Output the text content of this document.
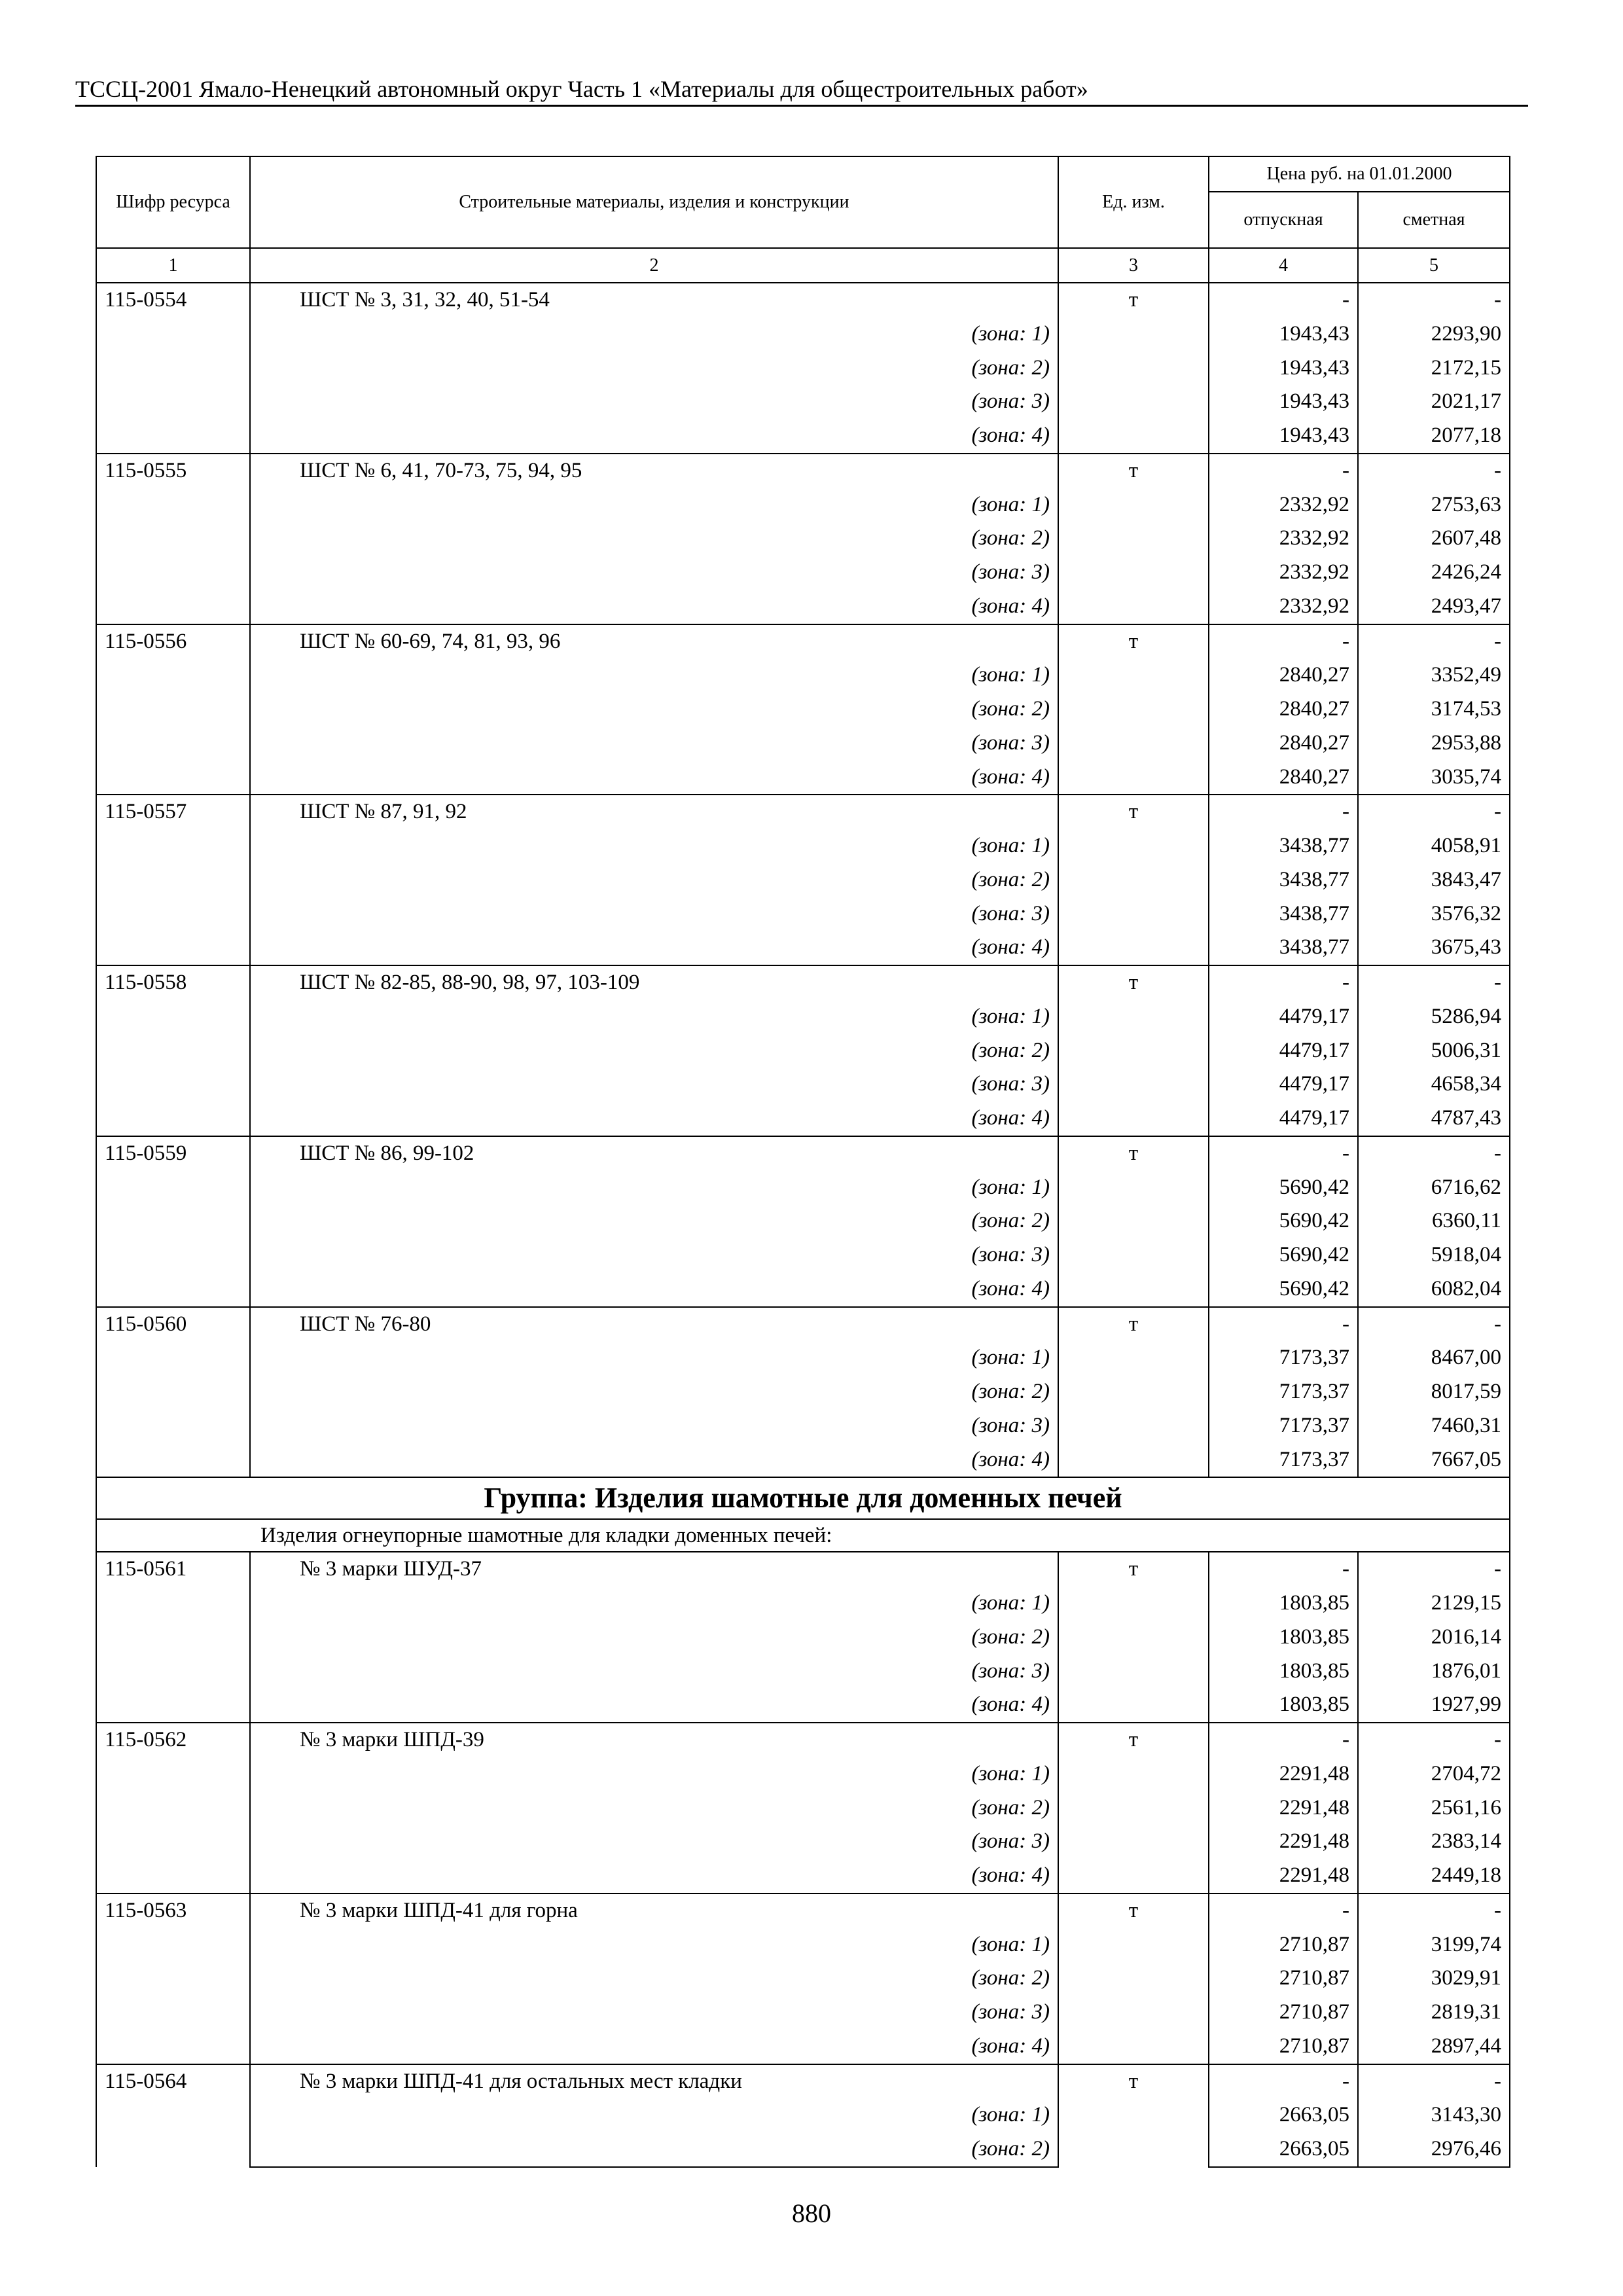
ТССЦ-2001 Ямало-Ненецкий автономный округ Часть 1 «Материалы для общестроительных работ»
Шифр ресурса	Строительные материалы, изделия и конструкции	Ед. изм.	Цена руб. на 01.01.2000	
			отпускная	сметная
1	2	3	4	5
115-0554	ШСТ № 3, 31, 32, 40, 51-54	т	-	-
	(зона: 1)		1943,43	2293,90
	(зона: 2)		1943,43	2172,15
	(зона: 3)		1943,43	2021,17
	(зона: 4)		1943,43	2077,18
115-0555	ШСТ № 6, 41, 70-73, 75, 94, 95	т	-	-
	(зона: 1)		2332,92	2753,63
	(зона: 2)		2332,92	2607,48
	(зона: 3)		2332,92	2426,24
	(зона: 4)		2332,92	2493,47
115-0556	ШСТ № 60-69, 74, 81, 93, 96	т	-	-
	(зона: 1)		2840,27	3352,49
	(зона: 2)		2840,27	3174,53
	(зона: 3)		2840,27	2953,88
	(зона: 4)		2840,27	3035,74
115-0557	ШСТ № 87, 91, 92	т	-	-
	(зона: 1)		3438,77	4058,91
	(зона: 2)		3438,77	3843,47
	(зона: 3)		3438,77	3576,32
	(зона: 4)		3438,77	3675,43
115-0558	ШСТ № 82-85, 88-90, 98, 97, 103-109	т	-	-
	(зона: 1)		4479,17	5286,94
	(зона: 2)		4479,17	5006,31
	(зона: 3)		4479,17	4658,34
	(зона: 4)		4479,17	4787,43
115-0559	ШСТ № 86, 99-102	т	-	-
	(зона: 1)		5690,42	6716,62
	(зона: 2)		5690,42	6360,11
	(зона: 3)		5690,42	5918,04
	(зона: 4)		5690,42	6082,04
115-0560	ШСТ № 76-80	т	-	-
	(зона: 1)		7173,37	8467,00
	(зона: 2)		7173,37	8017,59
	(зона: 3)		7173,37	7460,31
	(зона: 4)		7173,37	7667,05
Группа: Изделия шамотные для доменных печей				
Изделия огнеупорные шамотные для кладки доменных печей:				
115-0561	№ 3 марки ШУД-37	т	-	-
	(зона: 1)		1803,85	2129,15
	(зона: 2)		1803,85	2016,14
	(зона: 3)		1803,85	1876,01
	(зона: 4)		1803,85	1927,99
115-0562	№ 3 марки ШПД-39	т	-	-
	(зона: 1)		2291,48	2704,72
	(зона: 2)		2291,48	2561,16
	(зона: 3)		2291,48	2383,14
	(зона: 4)		2291,48	2449,18
115-0563	№ 3 марки ШПД-41 для горна	т	-	-
	(зона: 1)		2710,87	3199,74
	(зона: 2)		2710,87	3029,91
	(зона: 3)		2710,87	2819,31
	(зона: 4)		2710,87	2897,44
115-0564	№ 3 марки ШПД-41 для остальных мест кладки	т	-	-
	(зона: 1)		2663,05	3143,30
	(зона: 2)		2663,05	2976,46
880
